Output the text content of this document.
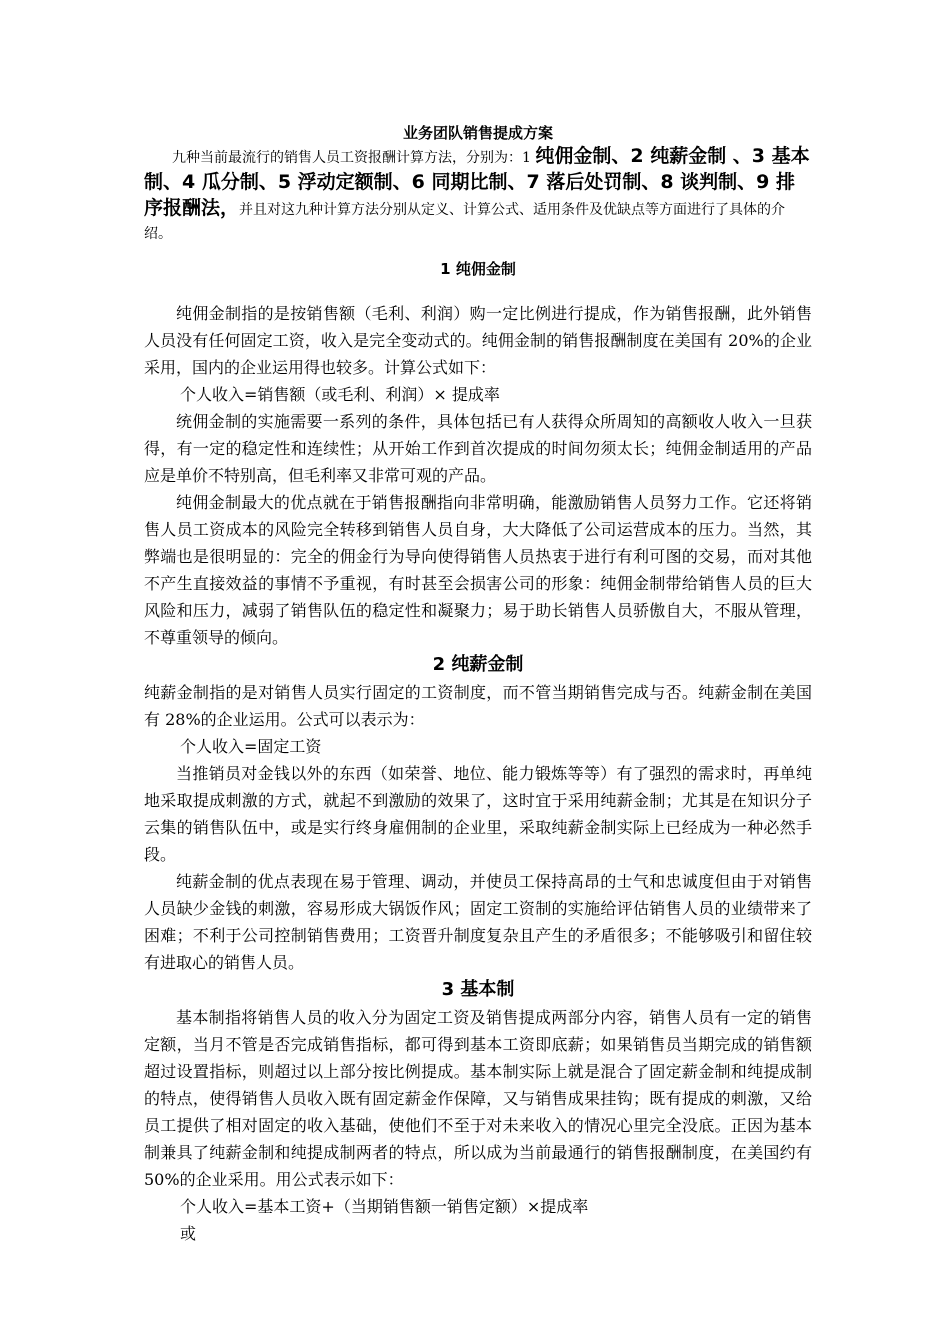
业务团队销售提成方案

九种当前最流行的销售人员工资报酬计算方法，分别为：1 纯佣金制、2 纯薪金制 、3 基本制、4 瓜分制、5 浮动定额制、6 同期比制、7 落后处罚制、8 谈判制、9 排序报酬法，并且对这九种计算方法分别从定义、计算公式、适用条件及优缺点等方面进行了具体的介绍。

1 纯佣金制

纯佣金制指的是按销售额（毛利、利润）购一定比例进行提成，作为销售报酬，此外销售人员没有任何固定工资，收入是完全变动式的。纯佣金制的销售报酬制度在美国有 20%的企业采用，国内的企业运用得也较多。计算公式如下：

个人收入=销售额（或毛利、利润）× 提成率

统佣金制的实施需要一系列的条件，具体包括已有人获得众所周知的高额收人收入一旦获得，有一定的稳定性和连续性；从开始工作到首次提成的时间勿须太长；纯佣金制适用的产品应是单价不特别高，但毛利率又非常可观的产品。

纯佣金制最大的优点就在于销售报酬指向非常明确，能激励销售人员努力工作。它还将销售人员工资成本的风险完全转移到销售人员自身，大大降低了公司运营成本的压力。当然，其弊端也是很明显的：完全的佣金行为导向使得销售人员热衷于进行有利可图的交易，而对其他不产生直接效益的事情不予重视，有时甚至会损害公司的形象：纯佣金制带给销售人员的巨大风险和压力，减弱了销售队伍的稳定性和凝聚力；易于助长销售人员骄傲自大，不服从管理，不尊重领导的倾向。

2 纯薪金制

纯薪金制指的是对销售人员实行固定的工资制度，而不管当期销售完成与否。纯薪金制在美国有 28%的企业运用。公式可以表示为：

个人收入=固定工资

当推销员对金钱以外的东西（如荣誉、地位、能力锻炼等等）有了强烈的需求时，再单纯地采取提成刺激的方式，就起不到激励的效果了，这时宜于采用纯薪金制；尤其是在知识分子云集的销售队伍中，或是实行终身雇佣制的企业里，采取纯薪金制实际上已经成为一种必然手段。

纯薪金制的优点表现在易于管理、调动，并使员工保持高昂的士气和忠诚度但由于对销售人员缺少金钱的刺激，容易形成大锅饭作风；固定工资制的实施给评估销售人员的业绩带来了困难；不利于公司控制销售费用；工资晋升制度复杂且产生的矛盾很多；不能够吸引和留住较有进取心的销售人员。

3 基本制

基本制指将销售人员的收入分为固定工资及销售提成两部分内容，销售人员有一定的销售定额，当月不管是否完成销售指标，都可得到基本工资即底薪；如果销售员当期完成的销售额超过设置指标，则超过以上部分按比例提成。基本制实际上就是混合了固定薪金制和纯提成制的特点，使得销售人员收入既有固定薪金作保障，又与销售成果挂钩；既有提成的刺激，又给员工提供了相对固定的收入基础，使他们不至于对未来收入的情况心里完全没底。正因为基本制兼具了纯薪金制和纯提成制两者的特点，所以成为当前最通行的销售报酬制度，在美国约有 50%的企业采用。用公式表示如下：

个人收入=基本工资+（当期销售额一销售定额）×提成率

或
